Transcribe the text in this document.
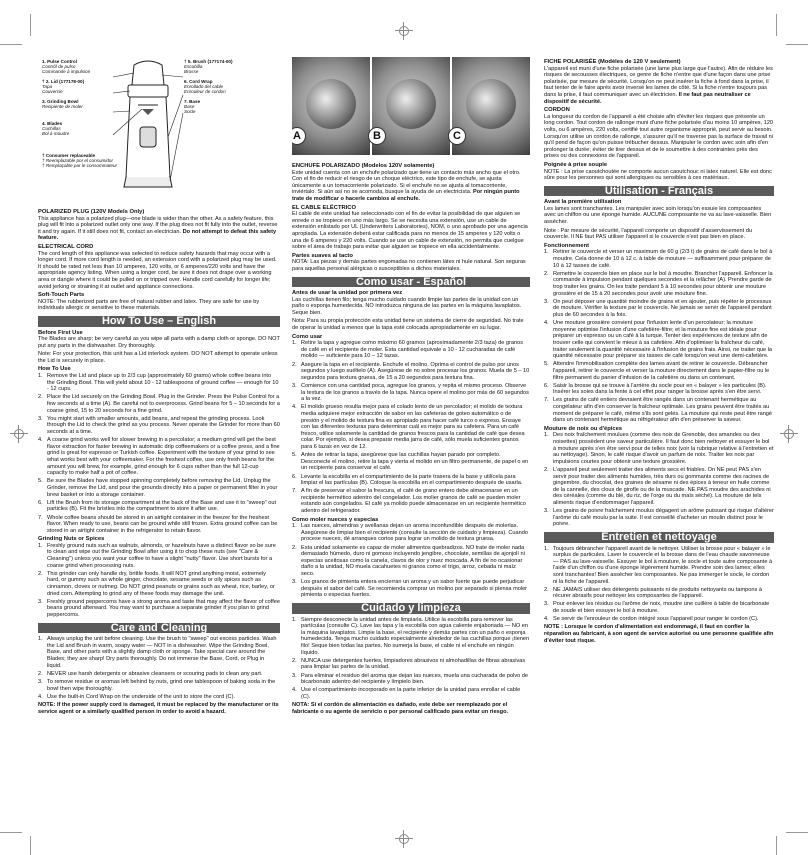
1. Pulse Control
Contrôl de pulso
Commande à impulsion
† 2. Lid (177178-00)
Tapa
Couvercle
3. Grinding Bowl
Recipiente de moler
4. Blades
Cuchillas
Bol à moudre
† 5. Brush (177174-00)
Escobilla
Brosse
6. Cord Wrap
Enrollado del cable
Enrouleur de cordon
7. Base
Base
Socle
† Consumer replaceable
† Reemplazable por el consumidor
† Remplaçable par le consommateur
POLARIZED PLUG (120V Models Only)

This appliance has a polarized plug—one blade is wider than the other. As a safety feature, this plug will fit into a polarized outlet only one way. If the plug does not fit fully into the outlet, reverse it and try again. If it still does not fit, contact an electrician. Do not attempt to defeat this safety feature.

ELECTRICAL CORD

The cord length of this appliance was selected to reduce safety hazards that may occur with a longer cord. If more cord length is needed, an extension cord with a polarized plug may be used. It should be rated not less than 10 amperes, 120 volts, or 6 amperes/220 volts and have the appropriate agency listing. When using a longer cord, be sure it does not drape over a working area or dangle where it could be pulled on or tripped over. Handle cord carefully for longer life; avoid jerking or straining it at outlet and appliance connections.

Soft-Touch Parts

NOTE: The rubberized parts are free of natural rubber and latex. They are safe for use by individuals allergic or sensitive to these materials.

How To Use – English
Before First Use

The Blades are sharp; be very careful as you wipe all parts with a damp cloth or sponge. DO NOT put any parts in the dishwasher. Dry thoroughly.

Note: For your protection, this unit has a Lid interlock system. DO NOT attempt to operate unless the Lid is securely in place.

How To Use
1. Remove the Lid and place up to 2/3 cup (approximately 60 grams) whole coffee beans into the Grinding Bowl. This will yield about 10 - 12 tablespoons of ground coffee — enough for 10 - 12 cups.
2. Place the Lid securely on the Grinding Bowl. Plug in the Grinder. Press the Pulse Control for a few seconds at a time (A). Be careful not to overprocess. Grind beans for 5 – 10 seconds for a coarse grind, 15 to 20 seconds for a fine grind.
3. You might start with smaller amounts, add beans, and repeat the grinding process. Look through the Lid to check the grind as you process. Never operate the Grinder for more than 60 seconds at a time.
4. A coarse grind works well for slower brewing in a percolator; a medium grind will get the best flavor extraction for faster brewing in automatic drip coffeemakers or a coffee press, and a fine grind is great for espresso or Turkish coffee. Experiment with the texture of your grind to see what works best with your coffeemaker. For the freshest coffee, use only fresh beans for the amount you will brew, for example, grind enough for 6 cups rather than the full 12-cup capacity to make half a pot of coffee.
5. Be sure the Blades have stopped spinning completely before removing the Lid. Unplug the Grinder, remove the Lid, and pour the grounds directly into a paper or permanent filter in your brew basket or into a storage container.
6. Lift the Brush from its storage compartment at the back of the Base and use it to "sweep" out particles (B). Fit the bristles into the compartment to store it after use.
7. Whole coffee beans should be stored in an airtight container in the freezer for the freshest flavor. When ready to use, beans can be ground while still frozen. Extra ground coffee can be stored in an airtight container in the refrigerator to retain flavor.
Grinding Nuts or Spices
1. Freshly ground nuts such as walnuts, almonds, or hazelnuts have a distinct flavor so be sure to clean and wipe out the Grinding Bowl after using it to chop these nuts (see "Care & Cleaning") unless you want your coffee to have a slight "nutty" flavor. Use short bursts for a coarse grind when processing nuts.
2. This grinder can only handle dry, brittle foods. It will NOT grind anything moist, extremely hard, or gummy such as whole ginger, chocolate, sesame seeds or oily spices such as cinnamon, cloves or nutmeg. Do NOT grind peanuts or grains such as wheat, rice, barley, or dried corn. Attempting to grind any of these foods may damage the unit.
3. Freshly ground peppercorns have a strong aroma and taste that may affect the flavor of coffee beans ground afterward. You may want to purchase a separate grinder if you plan to grind peppercorns.
Care and Cleaning
1. Always unplug the unit before cleaning. Use the brush to "sweep" out excess particles. Wash the Lid and Brush in warm, soapy water — NOT in a dishwasher. Wipe the Grinding Bowl, Base, and other parts with a slightly damp cloth or sponge. Take special care around the Blades; they are sharp! Dry parts thoroughly. Do not immerse the Base, Cord, or Plug in liquid.
2. NEVER use harsh detergents or abrasive cleansers or scouring pads to clean any part.
3. To remove residue or aromas left behind by nuts, grind one tablespoon of baking soda in the bowl then wipe thoroughly.
4. Use the built-in Cord Wrap on the underside of the unit to store the cord (C).

NOTE: If the power supply cord is damaged, it must be replaced by the manufacturer or its service agent or a similarly qualified person in order to avoid a hazard.

A	B	C
ENCHUFE POLARIZADO (Modelos 120V solamente)

Este unidad cuenta con un enchufe polarizado que tiene un contacto más ancho que el otro. Con el fin de reducir el riesgo de un choque eléctrico, este tipo de enchufe, se ajusta únicamente a un tomacorriente polarizado. Si el enchufe no se ajusta al tomacorriente, inviértalo. Si aún así no se acomoda, busque la ayuda de un electricista. Por ningún punto trate de modificar o hacerle cambios al enchufe.

EL CABLE ELÉCTRICO

El cable de este unidad fue seleccionado con el fin de evitar la posibilidad de que alguien se enrede o se tropiece en uno más largo. Se se necesita una extensión, use un cable de extensión enlistado por UL (Underwriters Laboratories), NOM, o uno aprobado por una agencia apropiada. La extensión deberá estar calificada para no menos de 15 amperes y 120 volts o una de 6 amperes y 220 volts. Cuando se use un cable de extensión, no permita que cuelgue sobre el área de trabajo para evitar que alguien se tropiece en ella accidentalmente.

Partes suaves al tacto

NOTA: Las piezas y demás partes engomadas no contienen látex ni hule natural. Son seguras para aquellas personal alérgicas o susceptibles a dichos materiales.

Como usar - Español
Antes de usar la unidad por primera vez

Las cuchillas tienen filo; tenga mucho cuidado cuando limpie las partes de la unidad con un paño o esponja humedecida. NO introduzca ninguna de las partes en la máquina lavaplatos. Seque bien.

Nota: Para su propia protección esta unidad tiene un sistema de cierre de seguridad. No trate de operar la unidad a menos que la tapa esté colocada apropiadamente en su lugar.

Como usar
1. Retire la tapa y agregue como máximo 60 gramos (aproximadamente 2/3 taza) de granos de café en el recipiente de moler. Esta cantidad equivale a 10 - 12 cucharadas de café molido — suficiente para 10 – 12 tazas.
2. Asegure la tapa en el recipiente. Enchufe el molino. Oprima el control de pulso por unos segundos y luego suéltelo (A). Asegúrese de no sobre procesar los granos. Muela de 5 – 10 segundos para textura gruesa, de 15 a 20 segundos para textura fina.
3. Comience con una cantidad poca, agregue los granos, y repita el mismo proceso. Observe la textura de los granos a través de la tapa. Nunca opere el molino por más de 60 segundos a la vez.
4. El molido grueso resulta mejor para el colado lento de un percolador; el molido de textura media adquiere mejor extracción de sabor en las cafeteras de goteo automático o de presión y el molido de textura fina es apropiado para hacer café turco o expreso. Ensaye con las diferentes texturas para determinar cuál es mejor para su cafetera. Para un café fresco, utilice solamente la cantidad de granos frescos para la cantidad de café que desea colar. Por ejemplo, si desea preparar media jarra de café, sólo muela suficientes granos para 6 tazas en vez de 12.
5. Antes de retirar la tapa, asegúrese que las cuchillas hayan parado por completo. Desconecte el molino, retire la tapa y vierta el molido en un filtro permanente, de papel o en un recipiente para conservar el café.
6. Levante la escobilla en el compartimiento de la parte trasera de la base y utilícela para limpiar el las partículas (B). Coloque la escobilla en el compartimiento después de usarla.
7. A fin de preservar el sabor la frescura, el café de grano entero debe almacenarse en un recipiente hermético adentro del congelador. Los molier granos de café se pueden moler estando aún congelados. El café ya molido puede almacenarse en un recipiente hermético adentro del refrigerador.
Como moler nueces y especias
1. Las nueces, almendras y avellanas dejan un aroma inconfundible después de molerlas. Asegúrese de limpiar bien el recipiente (consulte la sección de cuidado y limpieza). Cuando procese nueces, dé arranques cortos para lograr un molido de textura gruesa.
2. Esta unidad solamente es capaz de moler alimentos quebradizos. NO trate de moler nada demasiado húmedo, duro ni gomoso incluyendo jengibre, chocolate, semillas de ajonjolí ni especias aceitosas como la canela, clavos de olor y nuez moscada. A fin de no ocasionar daño a la unidad, NO muela cacahuetes ni granos como el trigo, arroz, cebada ni maíz seco.
3. Los granos de pimienta entera encierran un aroma y un sabor fuerte que puede perjudicar después el sabor del café. Se recomienda comprar un molino por separado si piensa moler pimienta o especias fuertes.
Cuidado y limpieza
1. Siempre desconecte la unidad antes de limpiarla. Utilice la escobilla para remover las partículas (consulte C). Lave las tapa y la escobilla con agua caliente enjabonada — NO en la máquina lavaplatos. Limpie la base, el recipiente y demás partes con un paño o esponja humedecida. Tenga mucho cuidado especialmente alrededor de las cuchillas porque ¡tienen filo! Seque bien todas las partes. No sumerja la base, el cable ni el enchufe en ningún líquido.
2. NUNCA use detergentes fuertes, limpiadores abrasivos ni almohadillas de fibras abrasivas para limpiar las partes de la unidad.
3. Para eliminar el residuo del aroma que dejan las nueces, muela una cucharada de polvo de bicarbonato adentro del recipiente y límpielo bien.
4. Use el compartimiento incorporado en la parte inferior de la unidad para enrollar el cable (C).

NOTA: Si el cordón de alimentación es dañado, este debe ser reemplazado por el fabricante o su agente de servicio o por personal calificado para evitar un riesgo.

FICHE POLARISÉE (Modèles de 120 V seulement)

L'appareil est muni d'une fiche polarisée (une lame plus large que l'autre). Afin de réduire les risques de secousses électriques, ce genre de fiche n'entre que d'une façon dans une prise polarisée, par mesure de sécurité. Lorsqu'on ne peut insérer la fiche à fond dans la prise, il faut tenter de le faire après avoir inversé les lames de côté. Si la fiche n'entre toujours pas dans la prise, il faut communiquer avec un électricien. Il ne faut pas neutraliser ce dispositif de sécurité.

CORDON

La longueur du cordon de l'appareil a été choisie afin d'éviter les risques que présente un long cordon. Tout cordon de rallonge muni d'une fiche polarisée d'au moins 10 ampères, 120 volts, ou 6 ampères, 220 volts, certifié tout autre organisme approprié, peut servir au besoin. Lorsqu'on utilise un cordon de rallonge, s'assurer qu'il ne traverse pas la surface de travail ni qu'il pend de façon qu'on puisse trébucher dessus. Manipuler le cordon avec soin afin d'en prolonger la durée; éviter de tirer dessus et de le soumettre à des contraintes près des prises ou des connexions de l'appareil.

Poignée à prise souple

NOTE : La prise caoutchoutée ne comporte aucun caoutchouc ni latex naturel. Elle est donc sûre pour les personnes qui sont allergiques ou sensibles à ces matériaux.

Utilisation - Français
Avant la première utilisation

Les lames sont tranchantes. Les manipuler avec soin lorsqu'on essuie les composantes avec un chiffon ou une éponge humide. AUCUNE composante ne va au lave-vaisselle. Bien assécher.

Note : Par mesure de sécurité, l'appareil comporte un dispositif d'asservissement du couvercle. Il NE faut PAS utiliser l'appareil si le couvercle n'est pas bien en place.

Fonctionnement
1. Retirer le couvercle et verser un maximum de 60 g (2/3 t) de grains de café dans le bol à moudre. Cela donne de 10 à 12 c. à table de mouture — suffisamment pour préparer de 10 à 12 tasses de café.
2. Remettre le couvercle bien en place sur le bol à moudre. Brancher l'appareil. Enfoncer la commande à impulsion pendant quelques secondes et la relâcher (A). Prendre garde de trop traiter les grains. On les traite pendant 5 à 10 secondes pour obtenir une mouture grossière et de 15 à 20 secondes pour avoir une mouture fine.
3. On peut déposer une quantité moindre de grains et en ajouter, puis répéter le processus de mouture. Vérifier la texture par le couvercle. Ne jamais se servir de l'appareil pendant plus de 60 secondes à la fois.
4. Une mouture grossière convient pour l'infusion lente d'un percolateur; la mouture moyenne optimise l'infusion d'une cafetière-filtre; et la mouture fine est idéale pour préparer un espresso ou un café à la turque. Tenter des expériences de texture afin de trouver celle qui convient le mieux à sa cafetière. Afin d'optimiser la fraîcheur du café, traiter seulement la quantité nécessaire à l'infusion de grains frais. Ainsi, ne traiter que la quantité nécessaire pour préparer six tasses de café lorsqu'on veut une demi-cafetière.
5. Attendre l'immobilisation complète des lames avant de retirer le couvercle. Débrancher l'appareil, retirer le couvercle et verser la mouture directement dans le papier-filtre ou le filtre permanent du panier d'infusion de la cafetière ou dans un contenant.
6. Saisir la brosse qui se trouve à l'arrière du socle pour en « balayer » les particules (B). Insérer les soies dans la fente à cet effet pour ranger la brosse après s'en être servi.
7. Les grains de café entiers devraient être rangés dans un contenant hermétique au congélateur afin d'en conserver la fraîcheur optimale. Les grains peuvent être traités au moment de préparer le café, même s'ils sont gelés. La mouture qui reste peut être rangé dans un contenant hermétique au réfrigérateur afin d'en préserver la saveur.
Mouture de noix ou d'épices
1. Des noix fraîchement moulues (comme des noix de Grenoble, des amandes ou des noisettes) possèdent une saveur particulière. Il faut donc bien nettoyer et essuyer le bol à mouture après s'en être servi pour de telles noix (voir la rubrique relative à l'entretien et au nettoyage). Sinon, le café risque d'avoir un parfum de noix. Traiter les noix par impulsions courtes pour obtenir une texture grossière.
2. L'appareil peut seulement traiter des aliments secs et friables. On NE peut PAS s'en servir pour traiter des aliments humides, très durs ou gommants comme des racines de gingembre, du chocolat, des graines de sésame ni des épices à teneur en huile comme de la cannelle, des clous de girofle ou de la muscade. NE PAS moudre des arachides ni des céréales (comme du blé, du riz, de l'orge ou du maïs séché). La mouture de tels aliments risque d'endommager l'appareil.
3. Les grains de poivre fraîchement moulus dégagent un arôme puissant qui risque d'altérer l'arôme du café moulu par la suite. Il est conseillé d'acheter un moulin distinct pour le poivre.
Entretien et nettoyage
1. Toujours débrancher l'appareil avant de le nettoyer. Utiliser la brosse pour « balayer » le surplus de particules. Laver le couvercle et la brosse dans de l'eau chaude savonneuse — PAS au lave-vaisselle. Essuyer le bol à mouture, le socle et toute autre composante à l'aide d'un chiffon ou d'une éponge légèrement humide. Prendre soin des lames; elles sont tranchantes! Bien assécher les composantes. Ne pas immerger le socle, le cordon ni la fiche de l'appareil.
2. NE JAMAIS utiliser des détergents puissants ni de produits nettoyants ou tampons à récurer abrasifs pour nettoyer les composantes de l'appareil.
3. Pour enlever les résidus ou l'arôme de noix, moudre une cuillère à table de bicarbonate de soude et bien essuyer le bol à mouture.
4. Se servir de l'enrouleur de cordon intégré sous l'appareil pour ranger le cordon (C).

NOTE : Lorsque le cordon d'alimentation est endommagé, il faut en confier la réparation au fabricant, à son agent de service autorisé ou une personne qualifiée afin d'éviter tout risque.
